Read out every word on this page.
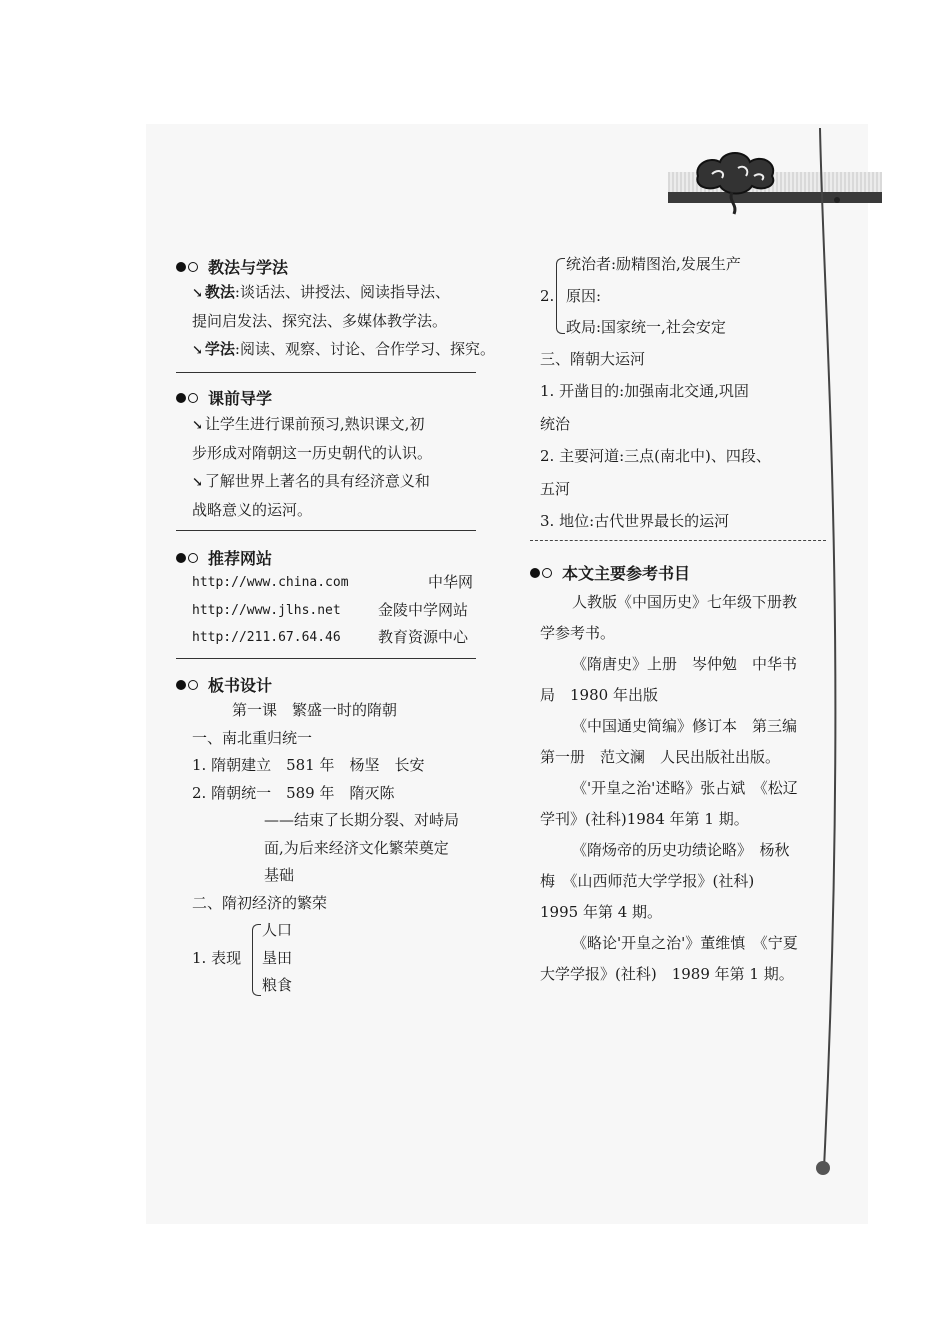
教法与学法
↘ 教法:谈话法、讲授法、阅读指导法、
提问启发法、探究法、多媒体教学法。
↘ 学法:阅读、观察、讨论、合作学习、探究。
课前导学
↘ 让学生进行课前预习,熟识课文,初
步形成对隋朝这一历史朝代的认识。
↘ 了解世界上著名的具有经济意义和
战略意义的运河。
推荐网站
http://www.china.com	中华网
http://www.jlhs.net 金陵中学网站
http://211.67.64.46 教育资源中心
板书设计
第一课　繁盛一时的隋朝
一、南北重归统一
1. 隋朝建立　581 年　杨坚　长安
2. 隋朝统一　589 年　隋灭陈
——结束了长期分裂、对峙局
面,为后来经济文化繁荣奠定
基础
二、隋初经济的繁荣
1. 表现
人口
垦田
粮食
统治者:励精图治,发展生产
2. 原因:
政局:国家统一,社会安定
三、隋朝大运河
1. 开凿目的:加强南北交通,巩固
统治
2. 主要河道:三点(南北中)、四段、
五河
3. 地位:古代世界最长的运河
本文主要参考书目
人教版《中国历史》七年级下册教
学参考书。
《隋唐史》上册　岑仲勉　中华书
局　1980 年出版
《中国通史简编》修订本　第三编
第一册　范文澜　人民出版社出版。
《'开皇之治'述略》张占斌　《松辽
学刊》(社科)1984 年第 1 期。
《隋炀帝的历史功绩论略》　杨秋
梅　《山西师范大学学报》(社科)
1995 年第 4 期。
《略论'开皇之治'》董维慎　《宁夏
大学学报》(社科)　1989 年第 1 期。
